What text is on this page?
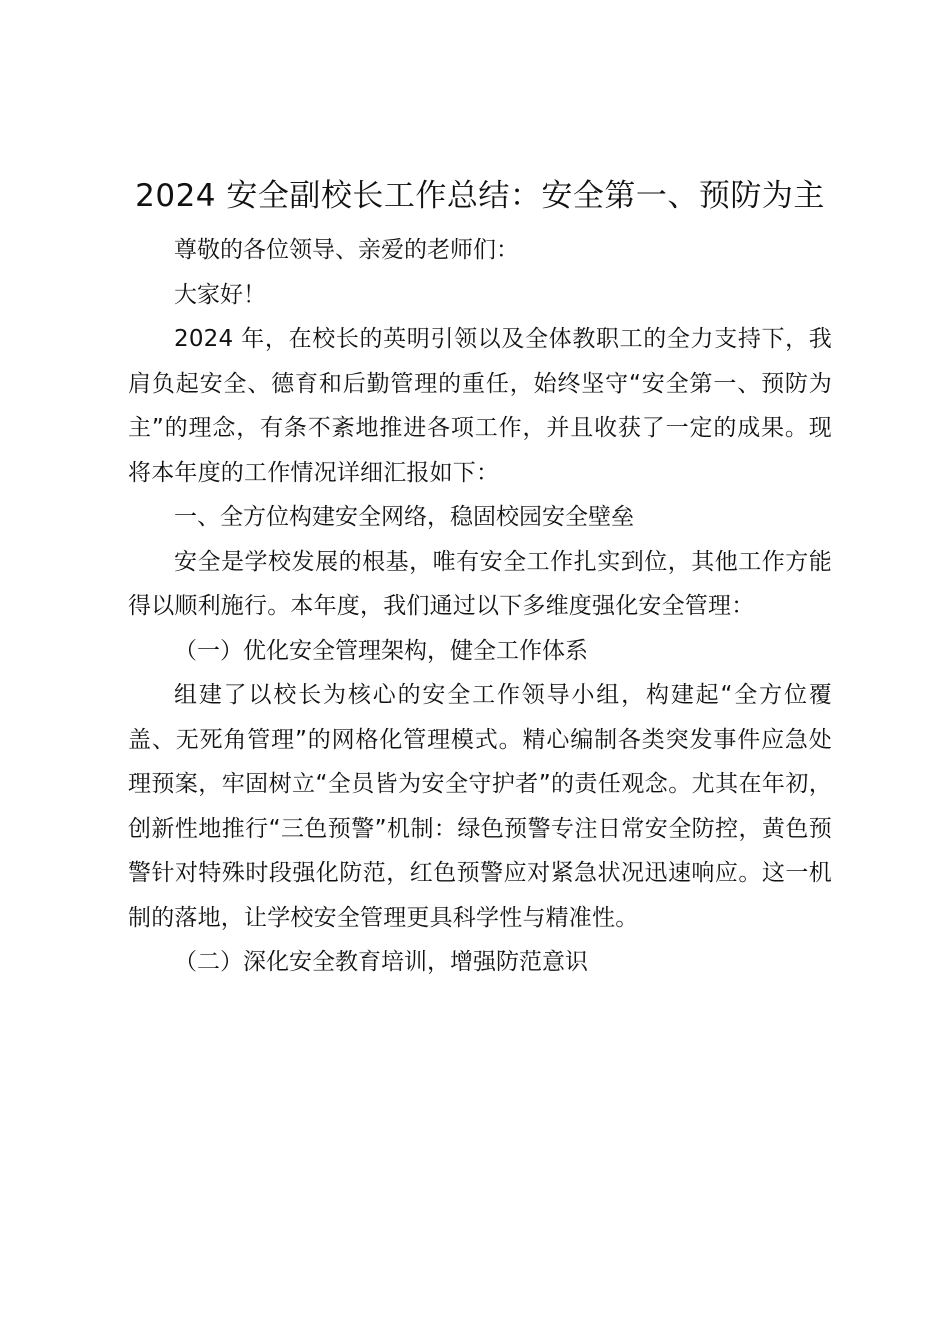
2024 安全副校长工作总结：安全第一、预防为主

尊敬的各位领导、亲爱的老师们：

大家好！

2024 年，在校长的英明引领以及全体教职工的全力支持下，我肩负起安全、德育和后勤管理的重任，始终坚守“安全第一、预防为主”的理念，有条不紊地推进各项工作，并且收获了一定的成果。现将本年度的工作情况详细汇报如下：

一、全方位构建安全网络，稳固校园安全壁垒

安全是学校发展的根基，唯有安全工作扎实到位，其他工作方能得以顺利施行。本年度，我们通过以下多维度强化安全管理：

（一）优化安全管理架构，健全工作体系

组建了以校长为核心的安全工作领导小组，构建起“全方位覆盖、无死角管理”的网格化管理模式。精心编制各类突发事件应急处理预案，牢固树立“全员皆为安全守护者”的责任观念。尤其在年初，创新性地推行“三色预警”机制：绿色预警专注日常安全防控，黄色预警针对特殊时段强化防范，红色预警应对紧急状况迅速响应。这一机制的落地，让学校安全管理更具科学性与精准性。

（二）深化安全教育培训，增强防范意识
